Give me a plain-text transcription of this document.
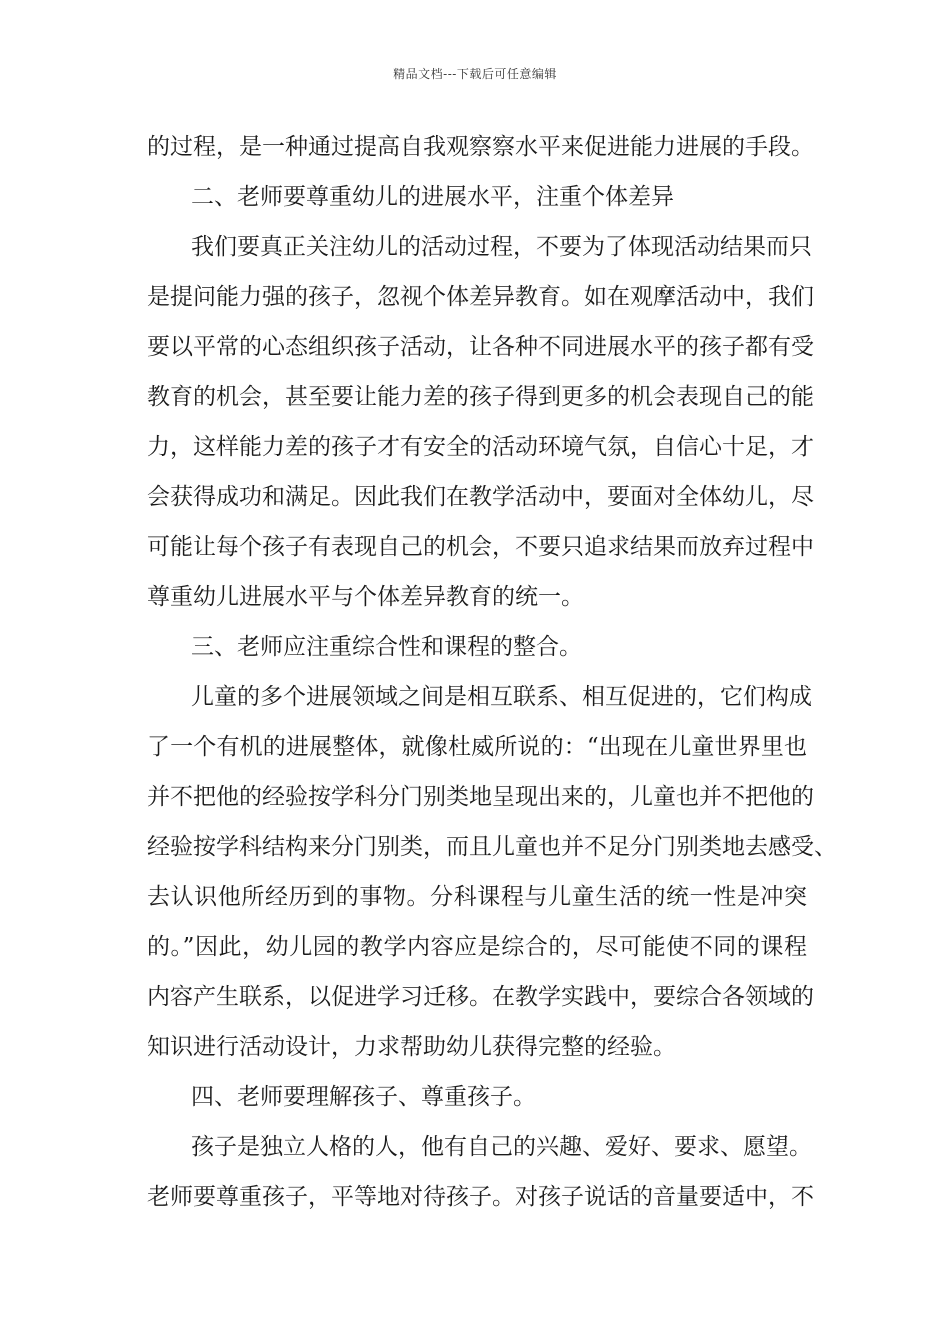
精品文档---下载后可任意编辑
的过程，是一种通过提高自我观察察水平来促进能力进展的手段。
二、老师要尊重幼儿的进展水平，注重个体差异
我们要真正关注幼儿的活动过程，不要为了体现活动结果而只
是提问能力强的孩子，忽视个体差异教育。如在观摩活动中，我们
要以平常的心态组织孩子活动，让各种不同进展水平的孩子都有受
教育的机会，甚至要让能力差的孩子得到更多的机会表现自己的能
力，这样能力差的孩子才有安全的活动环境气氛，自信心十足，才
会获得成功和满足。因此我们在教学活动中，要面对全体幼儿，尽
可能让每个孩子有表现自己的机会，不要只追求结果而放弃过程中
尊重幼儿进展水平与个体差异教育的统一。
三、老师应注重综合性和课程的整合。
儿童的多个进展领域之间是相互联系、相互促进的，它们构成
了一个有机的进展整体，就像杜威所说的：“出现在儿童世界里也
并不把他的经验按学科分门别类地呈现出来的，儿童也并不把他的
经验按学科结构来分门别类，而且儿童也并不足分门别类地去感受、
去认识他所经历到的事物。分科课程与儿童生活的统一性是冲突
的。”因此，幼儿园的教学内容应是综合的，尽可能使不同的课程
内容产生联系，以促进学习迁移。在教学实践中，要综合各领域的
知识进行活动设计，力求帮助幼儿获得完整的经验。
四、老师要理解孩子、尊重孩子。
孩子是独立人格的人，他有自己的兴趣、爱好、要求、愿望。
老师要尊重孩子，平等地对待孩子。对孩子说话的音量要适中，不
